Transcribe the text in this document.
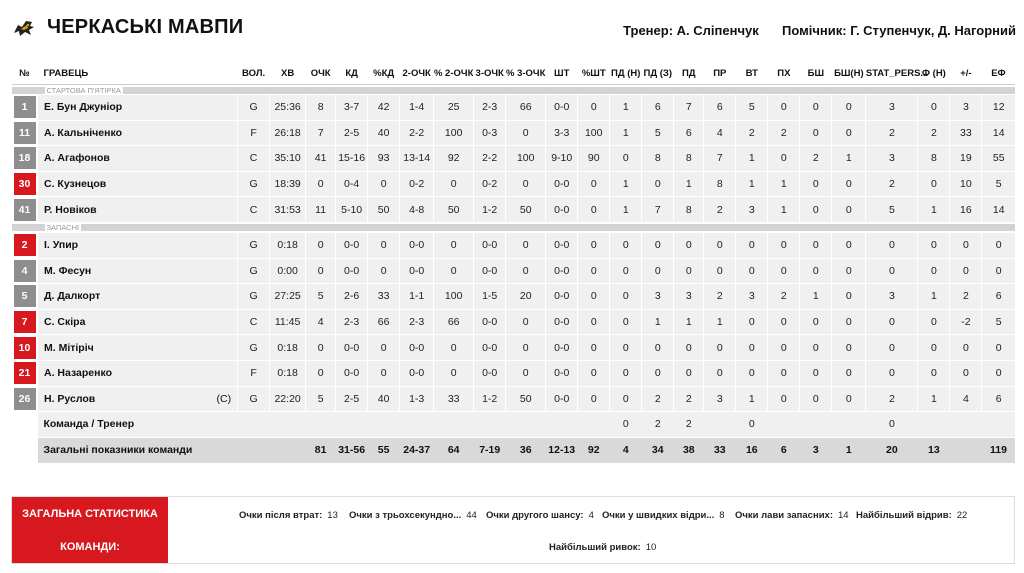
ЧЕРКАСЬКІ МАВПИ	Тренер: А. Сліпенчук Помічник: Г. Ступенчук, Д. Нагорний
№	ГРАВЕЦЬ	ВОЛ.	ХВ	ОЧК	КД	%КД	2-ОЧК	% 2-ОЧК	3-ОЧК	% 3-ОЧК	ШТ	%ШТ	ПД (Н)	ПД (З)	ПД	ПР	ВТ	ПХ	БШ	БШ(Н)	STAT_PERS...	Ф (Н)	+/-	ЕФ

СТАРТОВА П'ЯТІРКА																								

1	Е. Бун Джуніор	G	25:36	8	3-7	42	1-4	25	2-3	66	0-0	0	1	6	7	6	5	0	0	0	3	0	3	12

11	А. Кальніченко	F	26:18	7	2-5	40	2-2	100	0-3	0	3-3	100	1	5	6	4	2	2	0	0	2	2	33	14

18	А. Агафонов	C	35:10	41	15-16	93	13-14	92	2-2	100	9-10	90	0	8	8	7	1	0	2	1	3	8	19	55

30	С. Кузнецов	G	18:39	0	0-4	0	0-2	0	0-2	0	0-0	0	1	0	1	8	1	1	0	0	2	0	10	5

41	Р. Новіков	C	31:53	11	5-10	50	4-8	50	1-2	50	0-0	0	1	7	8	2	3	1	0	0	5	1	16	14

ЗАПАСНІ																								

2	І. Упир	G	0:18	0	0-0	0	0-0	0	0-0	0	0-0	0	0	0	0	0	0	0	0	0	0	0	0	0

4	М. Фесун	G	0:00	0	0-0	0	0-0	0	0-0	0	0-0	0	0	0	0	0	0	0	0	0	0	0	0	0

5	Д. Далкорт	G	27:25	5	2-6	33	1-1	100	1-5	20	0-0	0	0	3	3	2	3	2	1	0	3	1	2	6

7	С. Скіра	C	11:45	4	2-3	66	2-3	66	0-0	0	0-0	0	0	1	1	1	0	0	0	0	0	0	-2	5

10	М. Мітіріч	G	0:18	0	0-0	0	0-0	0	0-0	0	0-0	0	0	0	0	0	0	0	0	0	0	0	0	0

21	А. Назаренко	F	0:18	0	0-0	0	0-0	0	0-0	0	0-0	0	0	0	0	0	0	0	0	0	0	0	0	0

26	Н. Руслов (C)	G	22:20	5	2-5	40	1-3	33	1-2	50	0-0	0	0	2	2	3	1	0	0	0	2	1	4	6
	Команда / Тренер												0	2	2		0				0			
	Загальні показники команди			81	31-56	55	24-37	64	7-19	36	12-13	92	4	34	38	33	16	6	3	1	20	13		119
ЗАГАЛЬНА СТАТИСТИКА
КОМАНДИ:
Очки після втрат: 13 Очки з трьохсекундно... 44 Очки другого шансу: 4 Очки у швидких відри... 8 Очки лави запасних: 14 Найбільший відрив: 22
Найбільший ривок: 10
